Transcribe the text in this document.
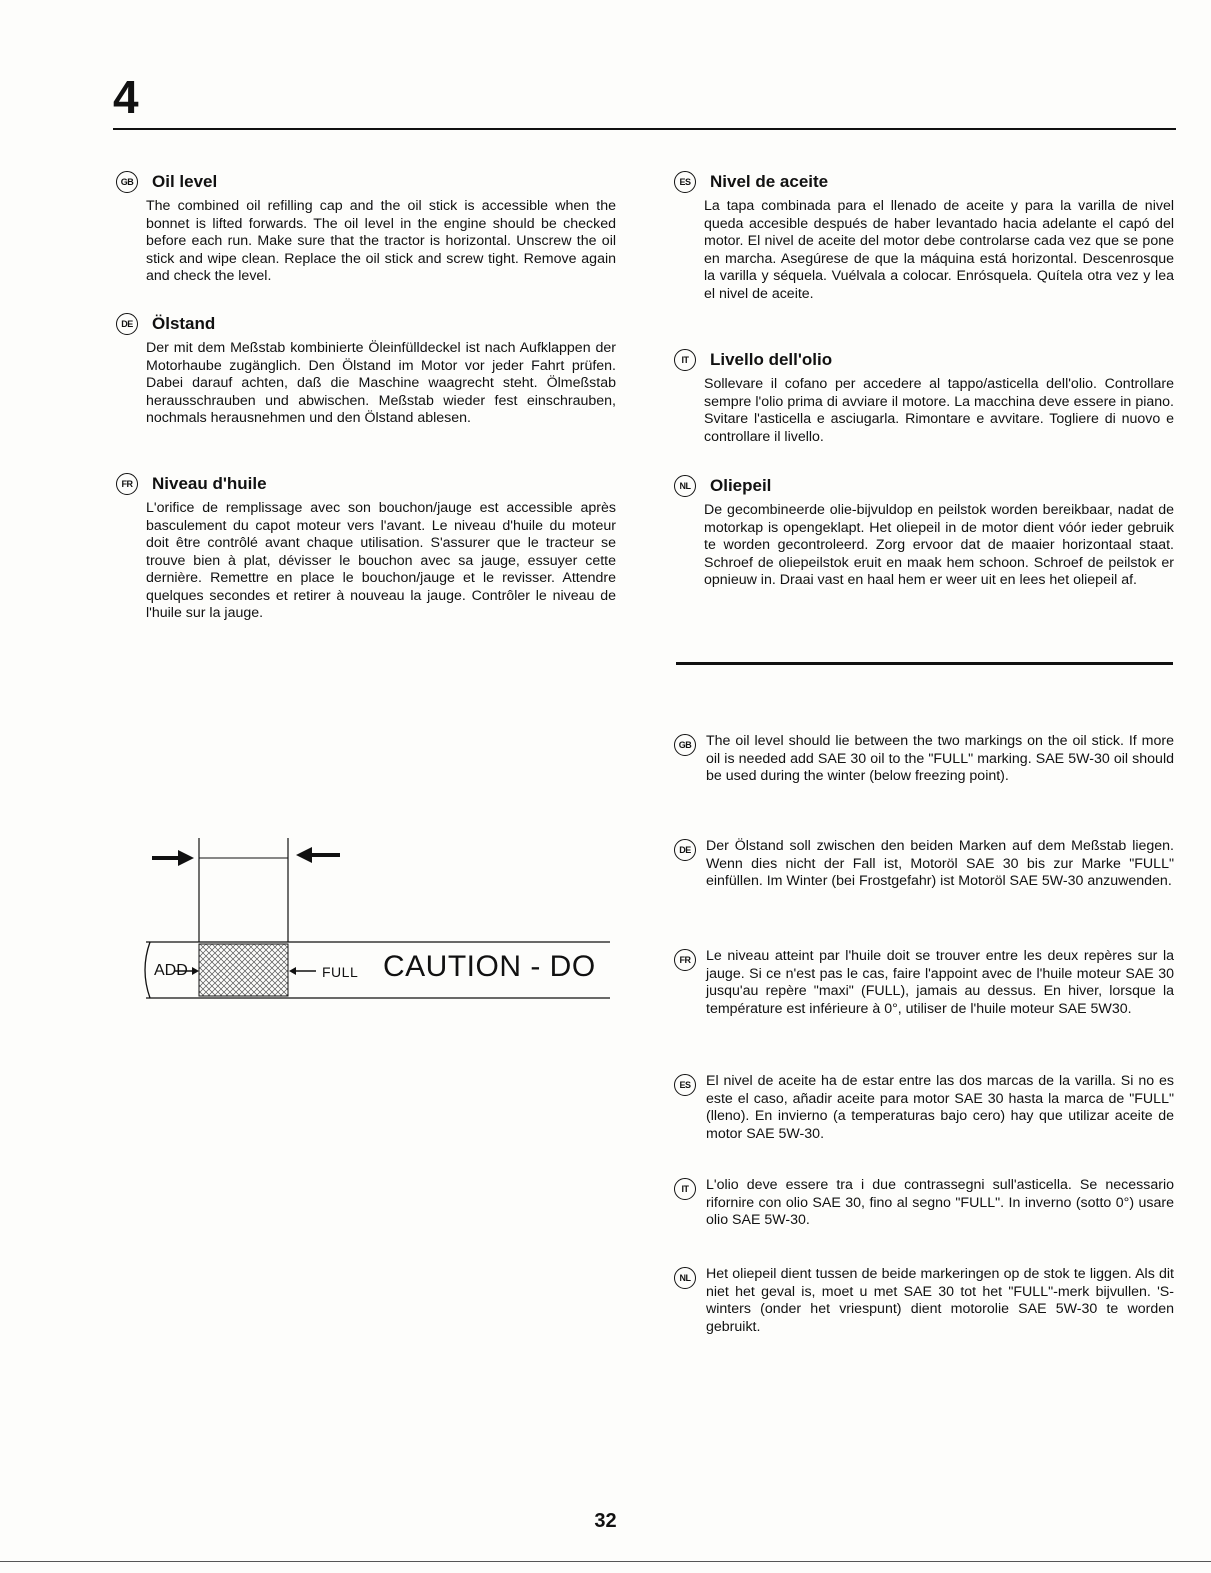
4
GB Oil level
The combined oil refilling cap and the oil stick is accessible when the bonnet is lifted forwards. The oil level in the engine should be checked before each run. Make sure that the tractor is horizontal. Unscrew the oil stick and wipe clean. Replace the oil stick and screw tight. Remove again and check the level.
DE	Ölstand
Der mit dem Meßstab kombinierte Öleinfülldeckel ist nach Aufklappen der Motorhaube zugänglich. Den Ölstand im Motor vor jeder Fahrt prüfen. Dabei darauf achten, daß die Maschine waagrecht steht. Ölmeßstab herausschrauben und abwischen. Meßstab wieder fest einschrauben, nochmals herausnehmen und den Ölstand ablesen.
FR	Niveau d'huile
L'orifice de remplissage avec son bouchon/jauge est accessible après basculement du capot moteur vers l'avant. Le niveau d'huile du moteur doit être contrôlé avant chaque utilisation. S'assurer que le tracteur se trouve bien à plat, dévisser le bouchon avec sa jauge, essuyer cette dernière. Remettre en place le bouchon/jauge et le revisser. Attendre quelques secondes et retirer à nouveau la jauge. Contrôler le niveau de l'huile sur la jauge.
ES	Nivel de aceite
La tapa combinada para el llenado de aceite y para la varilla de nivel queda accesible después de haber levantado hacia adelante el capó del motor. El nivel de aceite del motor debe controlarse cada vez que se pone en marcha. Asegúrese de que la máquina está horizontal. Descenrosque la varilla y séquela. Vuélvala a colocar. Enrósquela. Quítela otra vez y lea el nivel de aceite.
IT	Livello dell'olio
Sollevare il cofano per accedere al tappo/asticella dell'olio. Controllare sempre l'olio prima di avviare il motore. La macchina deve essere in piano. Svitare l'asticella e asciugarla. Rimontare e avvitare. Togliere di nuovo e controllare il livello.
NL	Oliepeil
De gecombineerde olie-bijvuldop en peilstok worden bereikbaar, nadat de motorkap is opengeklapt. Het oliepeil in de motor dient vóór ieder gebruik te worden gecontroleerd. Zorg ervoor dat de maaier horizontaal staat. Schroef de oliepeilstok eruit en maak hem schoon. Schroef de peilstok er opnieuw in. Draai vast en haal hem er weer uit en lees het oliepeil af.
GB	The oil level should lie between the two markings on the oil stick. If more oil is needed add SAE 30 oil to the "FULL" marking. SAE 5W-30 oil should be used during the winter (below freezing point).
DE	Der Ölstand soll zwischen den beiden Marken auf dem Meßstab liegen. Wenn dies nicht der Fall ist, Motoröl SAE 30 bis zur Marke "FULL" einfüllen. Im Winter (bei Frostgefahr) ist Motoröl SAE 5W-30 anzuwenden.
FR	Le niveau atteint par l'huile doit se trouver entre les deux repères sur la jauge. Si ce n'est pas le cas, faire l'appoint avec de l'huile moteur SAE 30 jusqu'au repère "maxi" (FULL), jamais au dessus. En hiver, lorsque la température est inférieure à 0°, utiliser de l'huile moteur SAE 5W30.
ES	El nivel de aceite ha de estar entre las dos marcas de la varilla. Si no es este el caso, añadir aceite para motor SAE 30 hasta la marca de "FULL" (lleno). En invierno (a temperaturas bajo cero) hay que utilizar aceite de motor SAE 5W-30.
IT	L'olio deve essere tra i due contrassegni sull'asticella. Se necessario rifornire con olio SAE 30, fino al segno "FULL". In inverno (sotto 0°) usare olio SAE 5W-30.
NL	Het oliepeil dient tussen de beide markeringen op de stok te liggen. Als dit niet het geval is, moet u met SAE 30 tot het "FULL"-merk bijvullen. 'S-winters (onder het vriespunt) dient motorolie SAE 5W-30 te worden gebruikt.
ADD	FULL CAUTION - DO
32
